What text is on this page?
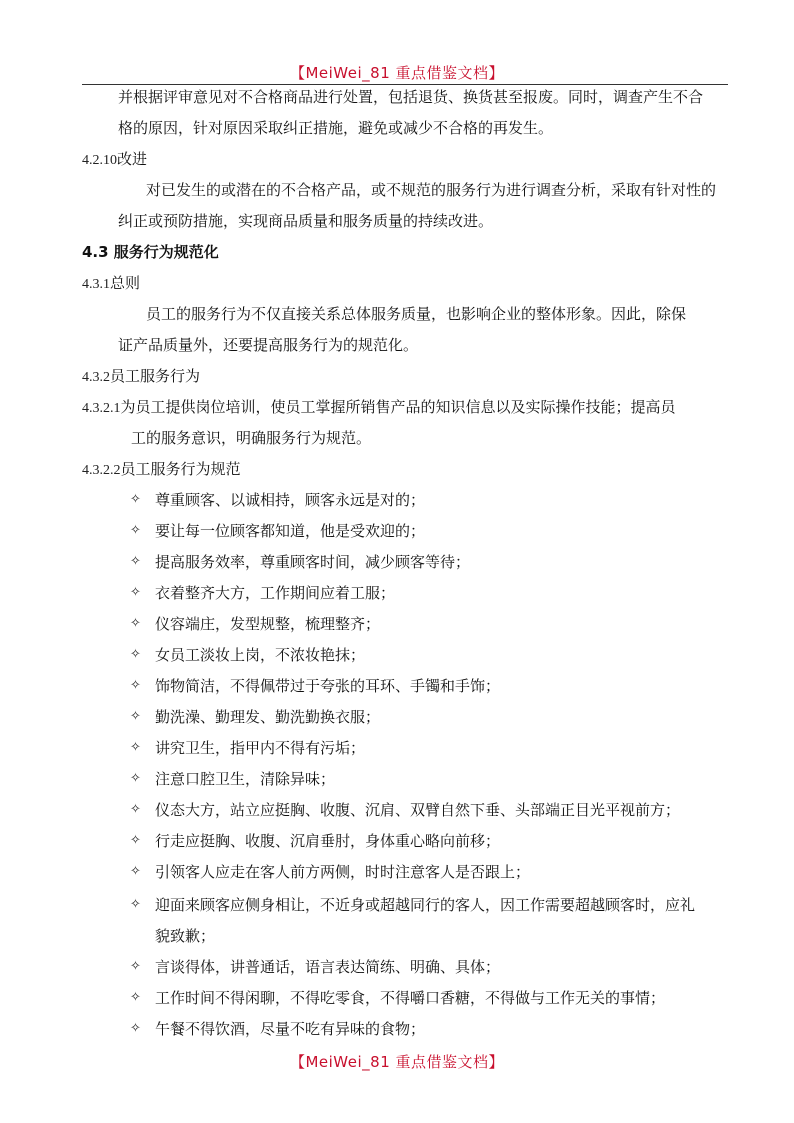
【MeiWei_81 重点借鉴文档】
并根据评审意见对不合格商品进行处置，包括退货、换货甚至报废。同时，调查产生不合
格的原因，针对原因采取纠正措施，避免或减少不合格的再发生。
4.2.10改进
对已发生的或潜在的不合格产品，或不规范的服务行为进行调查分析，采取有针对性的
纠正或预防措施，实现商品质量和服务质量的持续改进。
4.3 服务行为规范化
4.3.1总则
员工的服务行为不仅直接关系总体服务质量，也影响企业的整体形象。因此，除保
证产品质量外，还要提高服务行为的规范化。
4.3.2员工服务行为
4.3.2.1为员工提供岗位培训，使员工掌握所销售产品的知识信息以及实际操作技能；提高员
工的服务意识，明确服务行为规范。
4.3.2.2员工服务行为规范
✧ 尊重顾客、以诚相持，顾客永远是对的；
✧ 要让每一位顾客都知道，他是受欢迎的；
✧ 提高服务效率，尊重顾客时间，减少顾客等待；
✧ 衣着整齐大方，工作期间应着工服；
✧ 仪容端庄，发型规整，梳理整齐；
✧ 女员工淡妆上岗，不浓妆艳抹；
✧ 饰物简洁，不得佩带过于夸张的耳环、手镯和手饰；
✧ 勤洗澡、勤理发、勤洗勤换衣服；
✧ 讲究卫生，指甲内不得有污垢；
✧ 注意口腔卫生，清除异味；
✧ 仪态大方，站立应挺胸、收腹、沉肩、双臂自然下垂、头部端正目光平视前方；
✧ 行走应挺胸、收腹、沉肩垂肘，身体重心略向前移；
✧ 引领客人应走在客人前方两侧，时时注意客人是否跟上；
✧ 迎面来顾客应侧身相让，不近身或超越同行的客人，因工作需要超越顾客时，应礼
貌致歉；
✧ 言谈得体，讲普通话，语言表达简练、明确、具体；
✧ 工作时间不得闲聊，不得吃零食，不得嚼口香糖，不得做与工作无关的事情；
✧ 午餐不得饮酒，尽量不吃有异味的食物；
【MeiWei_81 重点借鉴文档】
